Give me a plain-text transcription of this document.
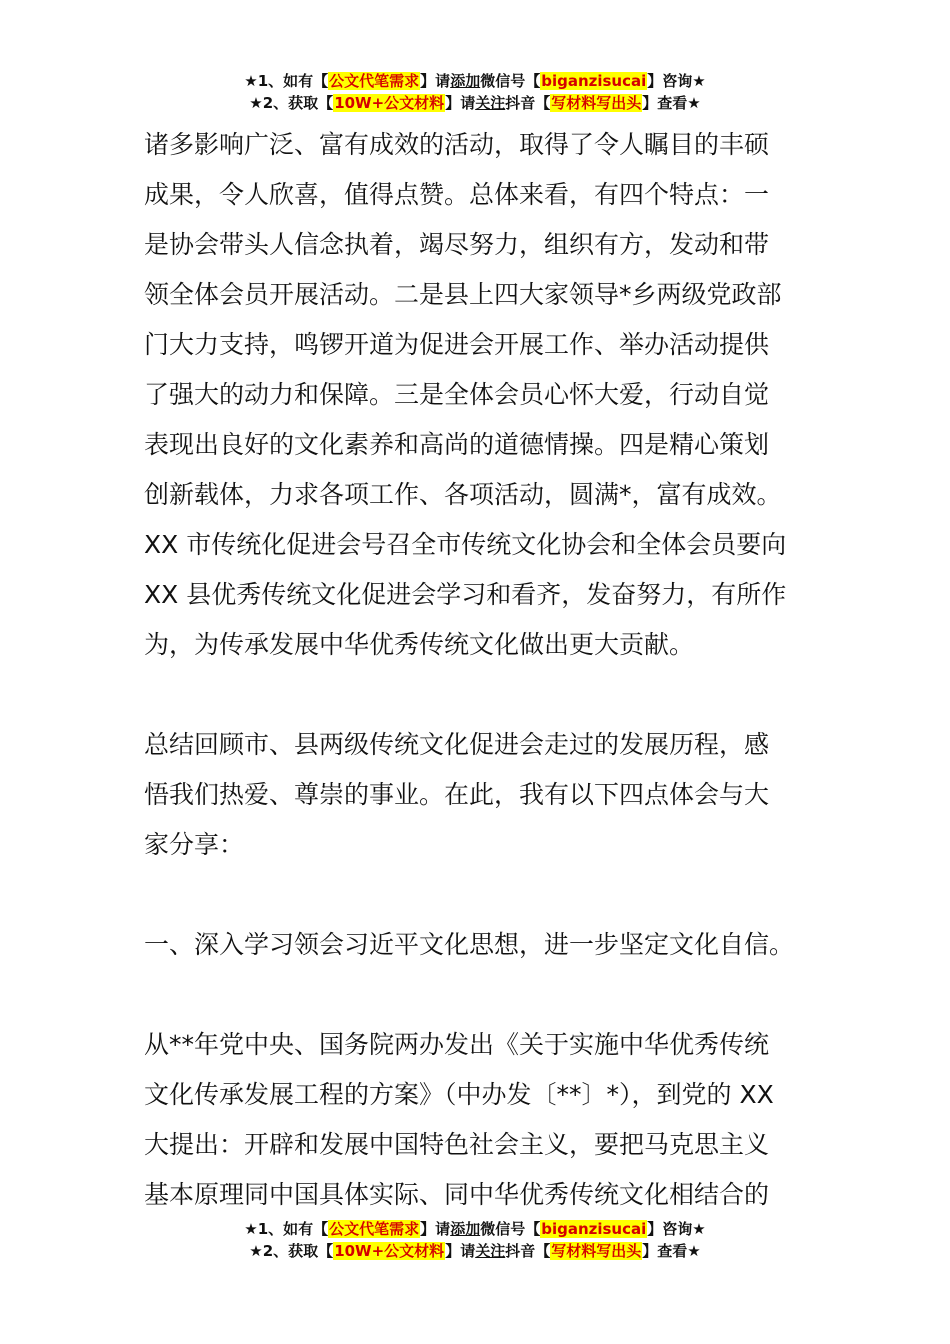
★1、如有【公文代笔需求】请添加微信号【biganzisucai】咨询★
★2、获取【10W+公文材料】请关注抖音【写材料写出头】查看★

诸多影响广泛、富有成效的活动，取得了令人瞩目的丰硕

成果，令人欣喜，值得点赞。总体来看，有四个特点：一

是协会带头人信念执着，竭尽努力，组织有方，发动和带

领全体会员开展活动。二是县上四大家领导*乡两级党政部

门大力支持，鸣锣开道为促进会开展工作、举办活动提供

了强大的动力和保障。三是全体会员心怀大爱，行动自觉

表现出良好的文化素养和高尚的道德情操。四是精心策划

创新载体，力求各项工作、各项活动，圆满*，富有成效。

XX 市传统化促进会号召全市传统文化协会和全体会员要向

XX 县优秀传统文化促进会学习和看齐，发奋努力，有所作

为，为传承发展中华优秀传统文化做出更大贡献。

总结回顾市、县两级传统文化促进会走过的发展历程，感

悟我们热爱、尊崇的事业。在此，我有以下四点体会与大

家分享：

一、深入学习领会习近平文化思想，进一步坚定文化自信。

从**年党中央、国务院两办发出《关于实施中华优秀传统

文化传承发展工程的方案》（中办发〔**〕*），到党的 XX

大提出：开辟和发展中国特色社会主义，要把马克思主义

基本原理同中国具体实际、同中华优秀传统文化相结合的

★1、如有【公文代笔需求】请添加微信号【biganzisucai】咨询★
★2、获取【10W+公文材料】请关注抖音【写材料写出头】查看★
